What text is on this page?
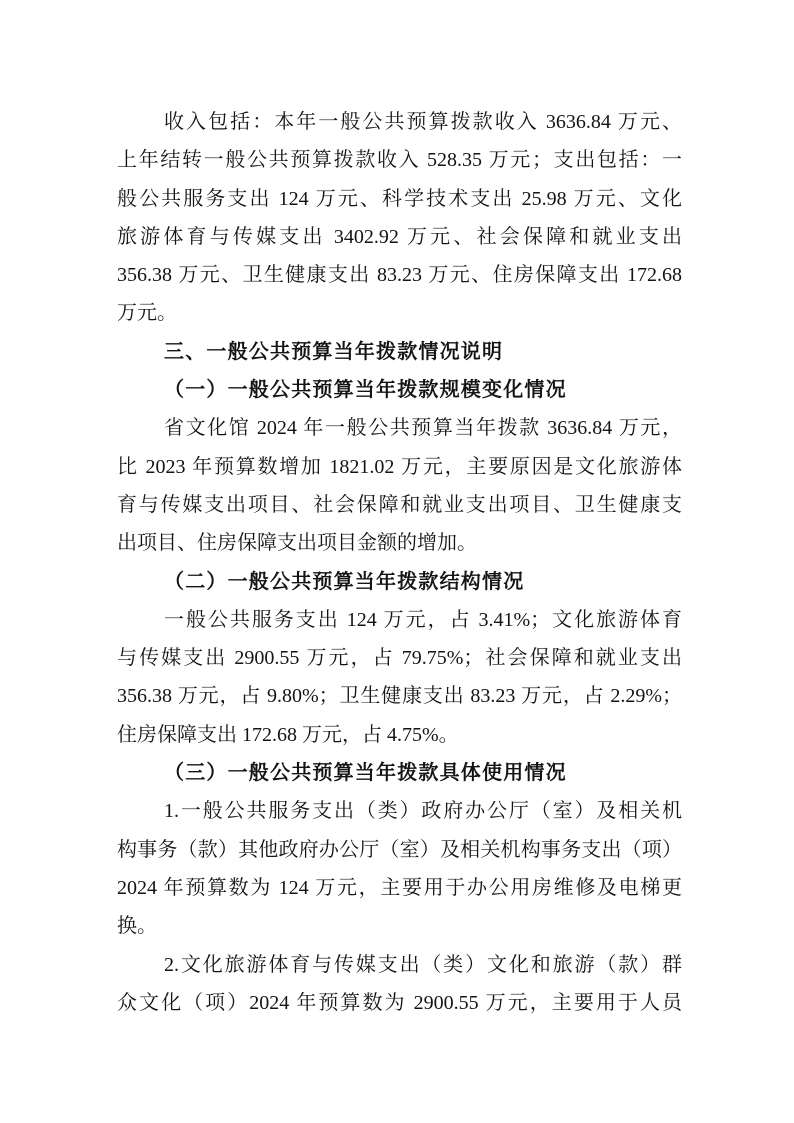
收入包括：本年一般公共预算拨款收入 3636.84 万元、
上年结转一般公共预算拨款收入 528.35 万元；支出包括：一
般公共服务支出 124 万元、科学技术支出 25.98 万元、文化
旅游体育与传媒支出 3402.92 万元、社会保障和就业支出
356.38 万元、卫生健康支出 83.23 万元、住房保障支出 172.68
万元。
三、一般公共预算当年拨款情况说明
（一）一般公共预算当年拨款规模变化情况
省文化馆 2024 年一般公共预算当年拨款 3636.84 万元，
比 2023 年预算数增加 1821.02 万元，主要原因是文化旅游体
育与传媒支出项目、社会保障和就业支出项目、卫生健康支
出项目、住房保障支出项目金额的增加。
（二）一般公共预算当年拨款结构情况
一般公共服务支出 124 万元，占 3.41%；文化旅游体育
与传媒支出 2900.55 万元，占 79.75%；社会保障和就业支出
356.38 万元，占 9.80%；卫生健康支出 83.23 万元，占 2.29%；
住房保障支出 172.68 万元，占 4.75%。
（三）一般公共预算当年拨款具体使用情况
1.一般公共服务支出（类）政府办公厅（室）及相关机
构事务（款）其他政府办公厅（室）及相关机构事务支出（项）
2024 年预算数为 124 万元，主要用于办公用房维修及电梯更
换。
2.文化旅游体育与传媒支出（类）文化和旅游（款）群
众文化（项）2024 年预算数为 2900.55 万元，主要用于人员
